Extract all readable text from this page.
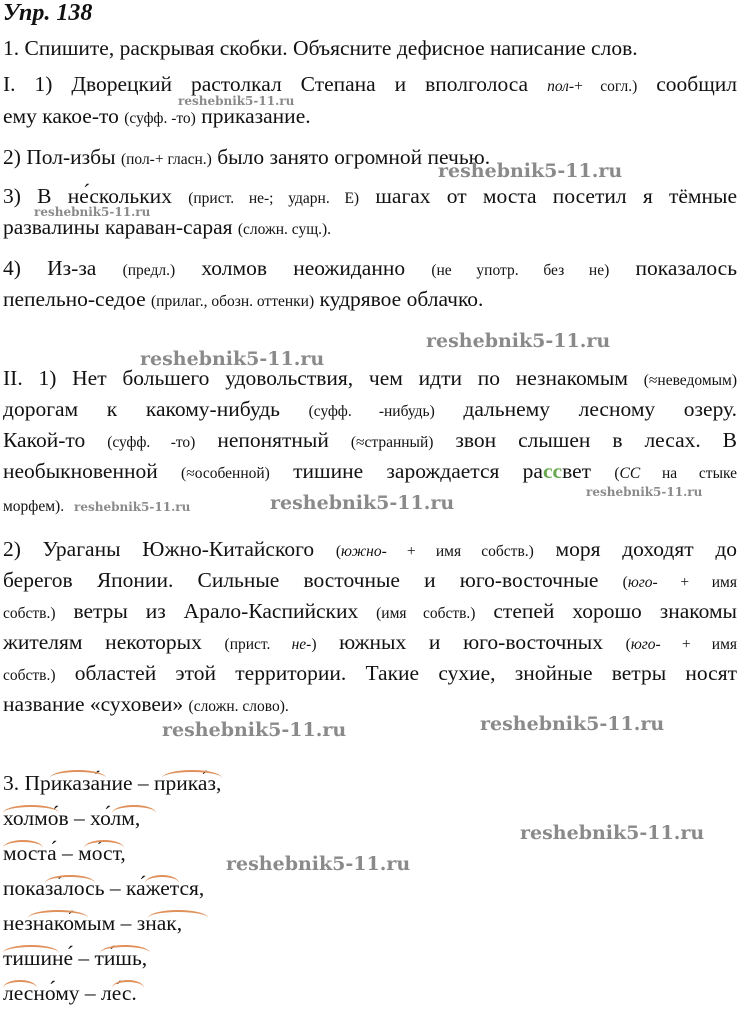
Упр. 138
1. Спишите, раскрывая скобки. Объясните дефисное написание слов.
I. 1) Дворецкий растолкал Степана и вполголоса пол-+ согл.) сообщил
ему какое-то (суфф. -то) приказание.
2) Пол-избы (пол-+ гласн.) было занято огромной печью.
3) В не́скольких (прист. не-; ударн. Е) шагах от моста посетил я тёмные
развалины караван-сарая (сложн. сущ.).
4) Из-за (предл.) холмов неожиданно (не употр. без не) показалось
пепельно-седое (прилаг., обозн. оттенки) кудрявое облачко.
II. 1) Нет большего удовольствия, чем идти по незнакомым (≈неведомым)
дорогам к какому-нибудь (суфф. -нибудь) дальнему лесному озеру.
Какой-то (суфф. -то) непонятный (≈странный) звон слышен в лесах. В
необыкновенной (≈особенной) тишине зарождается рассвет (СС на стыке
морфем).
2) Ураганы Южно-Китайского (южно- + имя собств.) моря доходят до
берегов Японии. Сильные восточные и юго-восточные (юго- + имя
собств.) ветры из Арало-Каспийских (имя собств.) степей хорошо знакомы
жителям некоторых (прист. не-) южных и юго-восточных (юго- + имя
собств.) областей этой территории. Такие сухие, знойные ветры носят
название «суховеи» (сложн. слово).
3. Приказа́ние – прика́з,
холмо́в – хо́лм,
моста́ – мо́ст,
показа́лось – ка́жется,
незнако́мым – знак,
тишине́ – ти́шь,
лесно́му – ле́с.
reshebnik5-11.ru
reshebnik5-11.ru
reshebnik5-11.ru
reshebnik5-11.ru
reshebnik5-11.ru
reshebnik5-11.ru
reshebnik5-11.ru	reshebnik5-11.ru
reshebnik5-11.ru
reshebnik5-11.ru
reshebnik5-11.ru
reshebnik5-11.ru
